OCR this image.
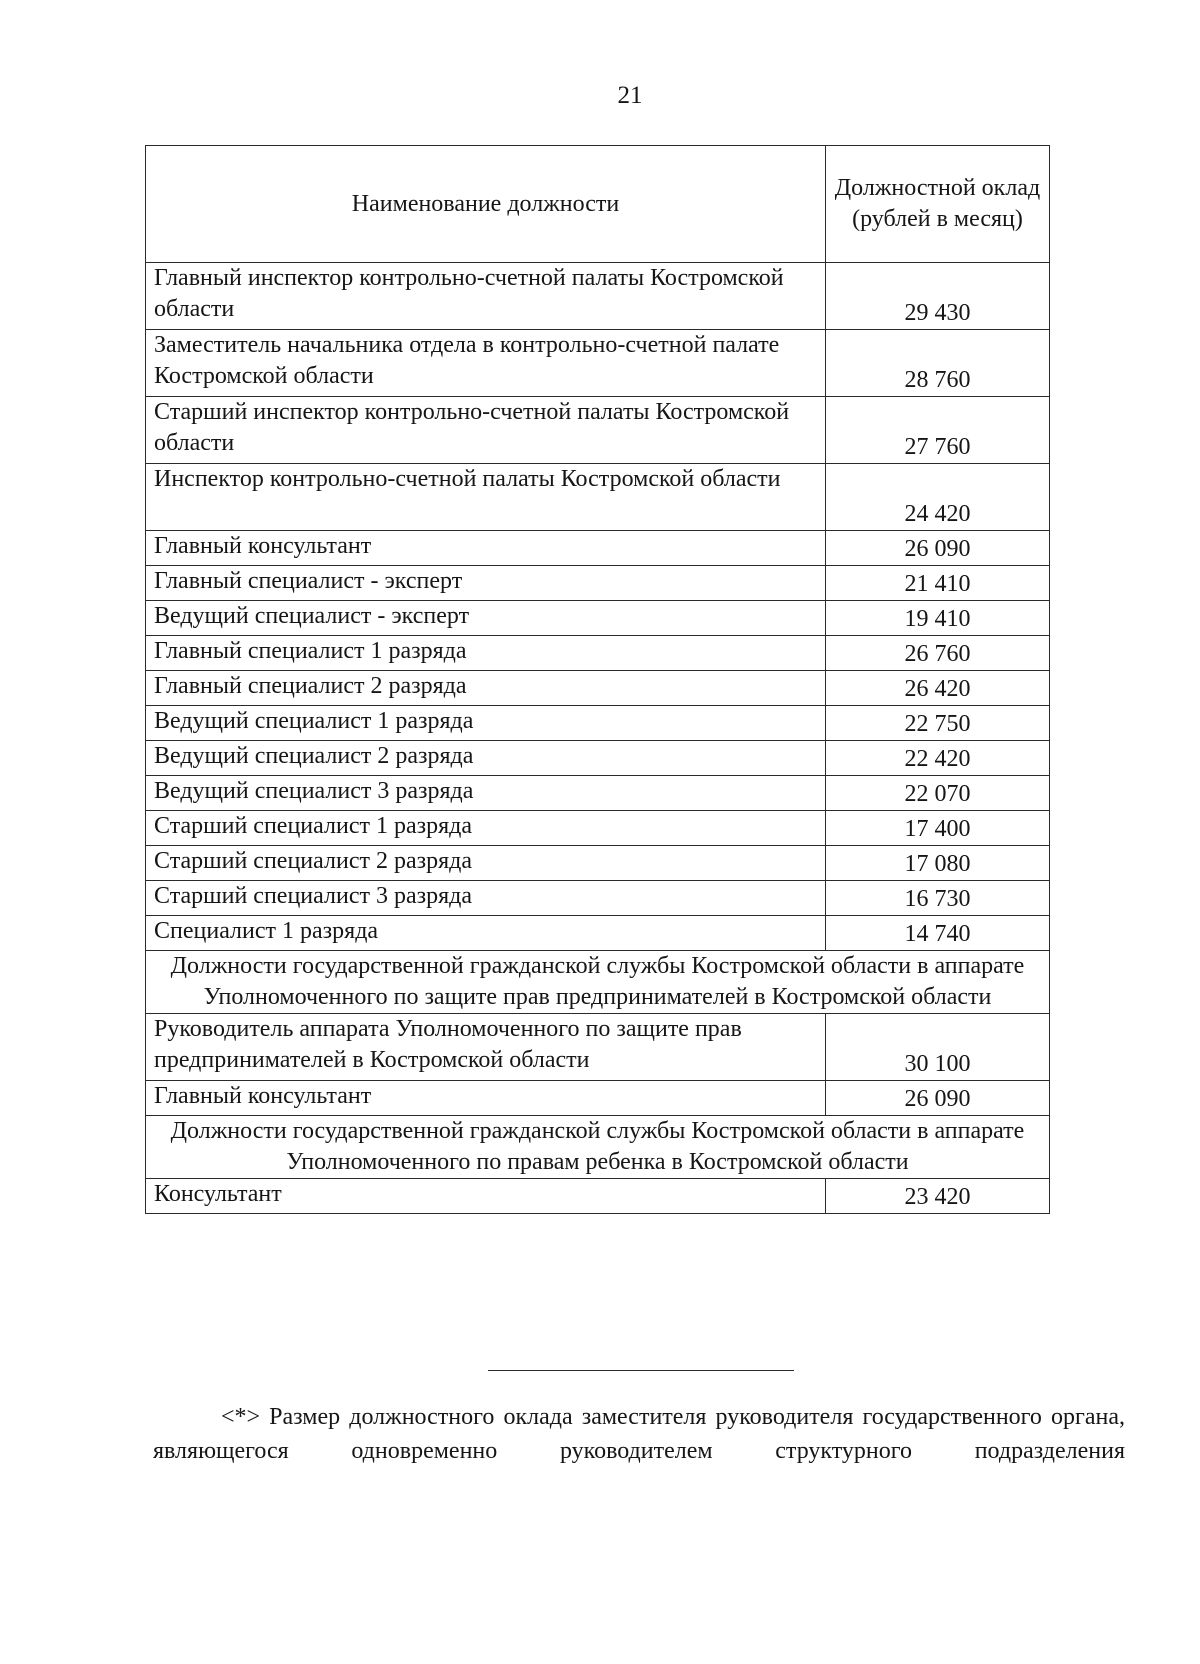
21
Наименование должности	Должностной оклад (рублей в месяц)
Главный инспектор контрольно-счетной палаты Костромской области	29 430
Заместитель начальника отдела в контрольно-счетной палате Костромской области	28 760
Старший инспектор контрольно-счетной палаты Костромской области	27 760
Инспектор контрольно-счетной палаты Костромской области	24 420
Главный консультант	26 090
Главный специалист - эксперт	21 410
Ведущий специалист - эксперт	19 410
Главный специалист 1 разряда	26 760
Главный специалист 2 разряда	26 420
Ведущий специалист 1 разряда	22 750
Ведущий специалист 2 разряда	22 420
Ведущий специалист 3 разряда	22 070
Старший специалист 1 разряда	17 400
Старший специалист 2 разряда	17 080
Старший специалист 3 разряда	16 730
Специалист 1 разряда	14 740
Должности государственной гражданской службы Костромской области в аппарате Уполномоченного по защите прав предпринимателей в Костромской области	
Руководитель аппарата Уполномоченного по защите прав предпринимателей в Костромской области	30 100
Главный консультант	26 090
Должности государственной гражданской службы Костромской области в аппарате Уполномоченного по правам ребенка в Костромской области	
Консультант	23 420
<*> Размер должностного оклада заместителя руководителя государственного органа, являющегося одновременно руководителем структурного подразделения
